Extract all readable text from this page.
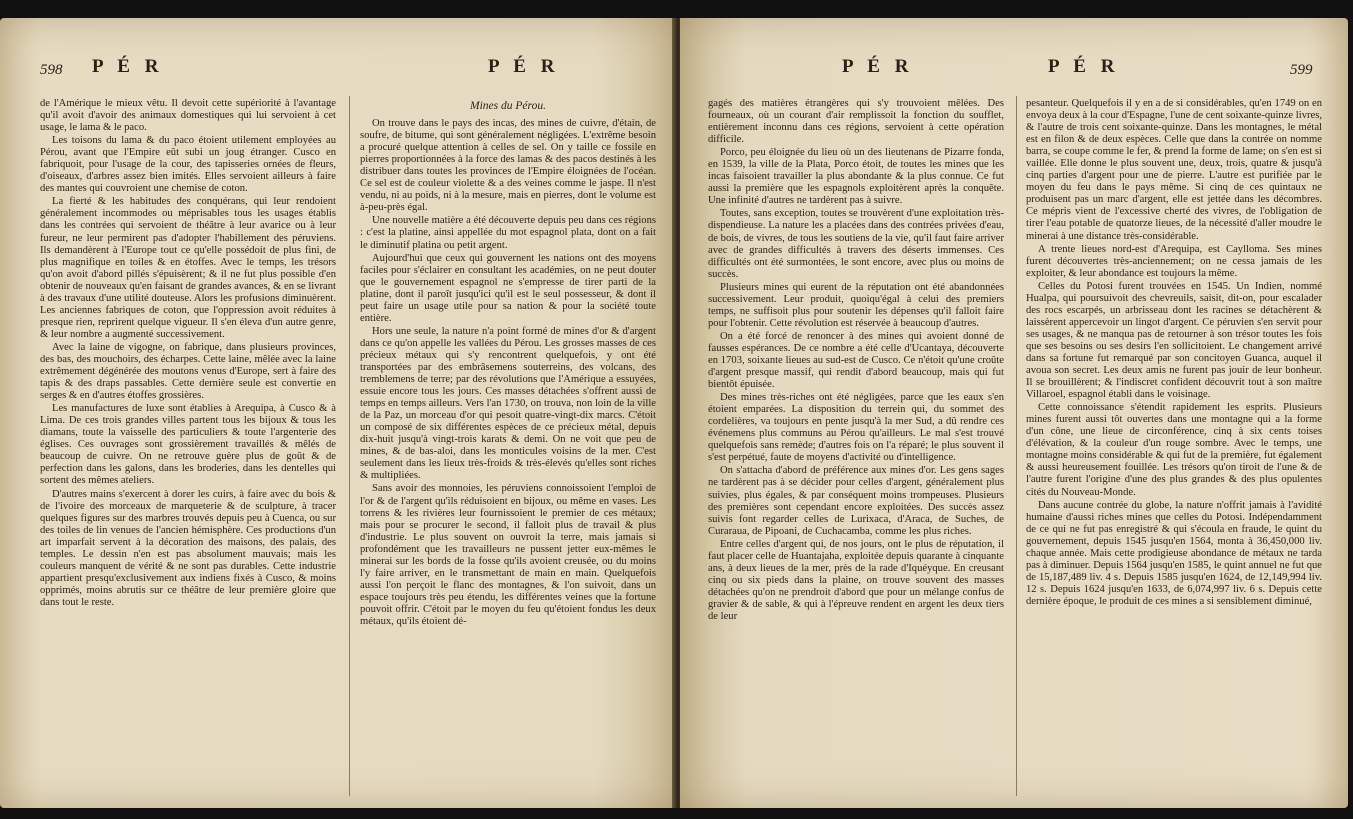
598 P É R	P É R

de l'Amérique le mieux vêtu. Il devoit cette supériorité à l'avantage qu'il avoit d'avoir des animaux domestiques qui lui servoient à cet usage, le lama & le paco.

Les toisons du lama & du paco étoient utilement employées au Pérou, avant que l'Empire eût subi un joug étranger. Cusco en fabriquoit, pour l'usage de la cour, des tapisseries ornées de fleurs, d'oiseaux, d'arbres assez bien imités. Elles servoient ailleurs à faire des mantes qui couvroient une chemise de coton.

La fierté & les habitudes des conquérans, qui leur rendoient généralement incommodes ou méprisables tous les usages établis dans les contrées qui servoient de théâtre à leur avarice ou à leur fureur, ne leur permirent pas d'adopter l'habillement des péruviens. Ils demandèrent à l'Europe tout ce qu'elle possédoit de plus fini, de plus magnifique en toiles & en étoffes. Avec le temps, les trésors qu'on avoit d'abord pillés s'épuisèrent; & il ne fut plus possible d'en obtenir de nouveaux qu'en faisant de grandes avances, & en se livrant à des travaux d'une utilité douteuse. Alors les profusions diminuèrent. Les anciennes fabriques de coton, que l'oppression avoit réduites à presque rien, reprirent quelque vigueur. Il s'en éleva d'un autre genre, & leur nombre a augmenté successivement.

Avec la laine de vigogne, on fabrique, dans plusieurs provinces, des bas, des mouchoirs, des écharpes. Cette laine, mêlée avec la laine extrêmement dégénérée des moutons venus d'Europe, sert à faire des tapis & des draps passables. Cette dernière seule est convertie en serges & en d'autres étoffes grossières.

Les manufactures de luxe sont établies à Arequipa, à Cusco & à Lima. De ces trois grandes villes partent tous les bijoux & tous les diamans, toute la vaisselle des particuliers & toute l'argenterie des églises. Ces ouvrages sont grossièrement travaillés & mêlés de beaucoup de cuivre. On ne retrouve guère plus de goût & de perfection dans les galons, dans les broderies, dans les dentelles qui sortent des mêmes ateliers.

D'autres mains s'exercent à dorer les cuirs, à faire avec du bois & de l'ivoire des morceaux de marqueterie & de sculpture, à tracer quelques figures sur des marbres trouvés depuis peu à Cuenca, ou sur des toiles de lin venues de l'ancien hémisphère. Ces productions d'un art imparfait servent à la décoration des maisons, des palais, des temples. Le dessin n'en est pas absolument mauvais; mais les couleurs manquent de vérité & ne sont pas durables. Cette industrie appartient presqu'exclusivement aux indiens fixés à Cusco, & moins opprimés, moins abrutis sur ce théâtre de leur première gloire que dans tout le reste.

Mines du Pérou.

On trouve dans le pays des incas, des mines de cuivre, d'étain, de soufre, de bitume, qui sont généralement négligées. L'extrême besoin a procuré quelque attention à celles de sel. On y taille ce fossile en pierres proportionnées à la force des lamas & des pacos destinés à les distribuer dans toutes les provinces de l'Empire éloignées de l'océan. Ce sel est de couleur violette & a des veines comme le jaspe. Il n'est vendu, ni au poids, ni à la mesure, mais en pierres, dont le volume est à-peu-près égal.

Une nouvelle matière a été découverte depuis peu dans ces régions : c'est la platine, ainsi appellée du mot espagnol plata, dont on a fait le diminutif platina ou petit argent.

Aujourd'hui que ceux qui gouvernent les nations ont des moyens faciles pour s'éclairer en consultant les académies, on ne peut douter que le gouvernement espagnol ne s'empresse de tirer parti de la platine, dont il paroît jusqu'ici qu'il est le seul possesseur, & dont il peut faire un usage utile pour sa nation & pour la société toute entière.

Hors une seule, la nature n'a point formé de mines d'or & d'argent dans ce qu'on appelle les vallées du Pérou. Les grosses masses de ces précieux métaux qui s'y rencontrent quelquefois, y ont été transportées par des embrâsemens souterreins, des volcans, des tremblemens de terre; par des révolutions que l'Amérique a essuyées, essuie encore tous les jours. Ces masses détachées s'offrent aussi de temps en temps ailleurs. Vers l'an 1730, on trouva, non loin de la ville de la Paz, un morceau d'or qui pesoit quatre-vingt-dix marcs. C'étoit un composé de six différentes espèces de ce précieux métal, depuis dix-huit jusqu'à vingt-trois karats & demi. On ne voit que peu de mines, & de bas-aloi, dans les monticules voisins de la mer. C'est seulement dans les lieux très-froids & très-élevés qu'elles sont riches & multipliées.

Sans avoir des monnoies, les péruviens connoissoient l'emploi de l'or & de l'argent qu'ils réduisoient en bijoux, ou même en vases. Les torrens & les rivières leur fournissoient le premier de ces métaux; mais pour se procurer le second, il falloit plus de travail & plus d'industrie. Le plus souvent on ouvroit la terre, mais jamais si profondément que les travailleurs ne pussent jetter eux-mêmes le minerai sur les bords de la fosse qu'ils avoient creusée, ou du moins l'y faire arriver, en le transmettant de main en main. Quelquefois aussi l'on perçoit le flanc des montagnes, & l'on suivoit, dans un espace toujours très peu étendu, les différentes veines que la fortune pouvoit offrir. C'étoit par le moyen du feu qu'étoient fondus les deux métaux, qu'ils étoient dé-

P É R	P É R	599

gagés des matières étrangères qui s'y trouvoient mêlées. Des fourneaux, où un courant d'air remplissoit la fonction du soufflet, entièrement inconnu dans ces régions, servoient à cette opération difficile.

Porco, peu éloignée du lieu où un des lieutenans de Pizarre fonda, en 1539, la ville de la Plata, Porco étoit, de toutes les mines que les incas faisoient travailler la plus abondante & la plus connue. Ce fut aussi la première que les espagnols exploitèrent après la conquête. Une infinité d'autres ne tardèrent pas à suivre.

Toutes, sans exception, toutes se trouvèrent d'une exploitation très-dispendieuse. La nature les a placées dans des contrées privées d'eau, de bois, de vivres, de tous les soutiens de la vie, qu'il faut faire arriver avec de grandes difficultés à travers des déserts immenses. Ces difficultés ont été surmontées, le sont encore, avec plus ou moins de succès.

Plusieurs mines qui eurent de la réputation ont été abandonnées successivement. Leur produit, quoiqu'égal à celui des premiers temps, ne suffisoit plus pour soutenir les dépenses qu'il falloit faire pour l'obtenir. Cette révolution est réservée à beaucoup d'autres.

On a été forcé de renoncer à des mines qui avoient donné de fausses espérances. De ce nombre a été celle d'Ucantaya, découverte en 1703, soixante lieues au sud-est de Cusco. Ce n'étoit qu'une croûte d'argent presque massif, qui rendit d'abord beaucoup, mais qui fut bientôt épuisée.

Des mines très-riches ont été négligées, parce que les eaux s'en étoient emparées. La disposition du terrein qui, du sommet des cordelières, va toujours en pente jusqu'à la mer Sud, a dû rendre ces événemens plus communs au Pérou qu'ailleurs. Le mal s'est trouvé quelquefois sans remède; d'autres fois on l'a réparé; le plus souvent il s'est perpétué, faute de moyens d'activité ou d'intelligence.

On s'attacha d'abord de préférence aux mines d'or. Les gens sages ne tardèrent pas à se décider pour celles d'argent, généralement plus suivies, plus égales, & par conséquent moins trompeuses. Plusieurs des premières sont cependant encore exploitées. Des succès assez suivis font regarder celles de Lurixaca, d'Araca, de Suches, de Curaraua, de Pipoani, de Cuchacamba, comme les plus riches.

Entre celles d'argent qui, de nos jours, ont le plus de réputation, il faut placer celle de Huantajaha, exploitée depuis quarante à cinquante ans, à deux lieues de la mer, près de la rade d'Iquéyque. En creusant cinq ou six pieds dans la plaine, on trouve souvent des masses détachées qu'on ne prendroit d'abord que pour un mélange confus de gravier & de sable, & qui à l'épreuve rendent en argent les deux tiers de leur

pesanteur. Quelquefois il y en a de si considérables, qu'en 1749 on en envoya deux à la cour d'Espagne, l'une de cent soixante-quinze livres, & l'autre de trois cent soixante-quinze. Dans les montagnes, le métal est en filon & de deux espèces. Celle que dans la contrée on nomme barra, se coupe comme le fer, & prend la forme de lame; on s'en est si vaillée. Elle donne le plus souvent une, deux, trois, quatre & jusqu'à cinq parties d'argent pour une de pierre. L'autre est purifiée par le moyen du feu dans le pays même. Si cinq de ces quintaux ne produisent pas un marc d'argent, elle est jettée dans les décombres. Ce mépris vient de l'excessive cherté des vivres, de l'obligation de tirer l'eau potable de quatorze lieues, de la nécessité d'aller moudre le minerai à une distance très-considérable.

A trente lieues nord-est d'Arequipa, est Caylloma. Ses mines furent découvertes très-anciennement; on ne cessa jamais de les exploiter, & leur abondance est toujours la même.

Celles du Potosi furent trouvées en 1545. Un Indien, nommé Hualpa, qui poursuivoit des chevreuils, saisit, dit-on, pour escalader des rocs escarpés, un arbrisseau dont les racines se détachèrent & laissèrent appercevoir un lingot d'argent. Ce péruvien s'en servit pour ses usages, & ne manqua pas de retourner à son trésor toutes les fois que ses besoins ou ses desirs l'en sollicitoient. Le changement arrivé dans sa fortune fut remarqué par son concitoyen Guanca, auquel il avoua son secret. Les deux amis ne furent pas jouir de leur bonheur. Il se brouillèrent; & l'indiscret confident découvrit tout à son maître Villaroel, espagnol établi dans le voisinage.

Cette connoissance s'étendit rapidement les esprits. Plusieurs mines furent aussi tôt ouvertes dans une montagne qui a la forme d'un cône, une lieue de circonférence, cinq à six cents toises d'élévation, & la couleur d'un rouge sombre. Avec le temps, une montagne moins considérable & qui fut de la première, fut également & aussi heureusement fouillée. Les trésors qu'on tiroit de l'une & de l'autre furent l'origine d'une des plus grandes & des plus opulentes cités du Nouveau-Monde.

Dans aucune contrée du globe, la nature n'offrit jamais à l'avidité humaine d'aussi riches mines que celles du Potosi. Indépendamment de ce qui ne fut pas enregistré & qui s'écoula en fraude, le quint du gouvernement, depuis 1545 jusqu'en 1564, monta à 36,450,000 liv. chaque année. Mais cette prodigieuse abondance de métaux ne tarda pas à diminuer. Depuis 1564 jusqu'en 1585, le quint annuel ne fut que de 15,187,489 liv. 4 s. Depuis 1585 jusqu'en 1624, de 12,149,994 liv. 12 s. Depuis 1624 jusqu'en 1633, de 6,074,997 liv. 6 s. Depuis cette dernière époque, le produit de ces mines a si sensiblement diminué,
